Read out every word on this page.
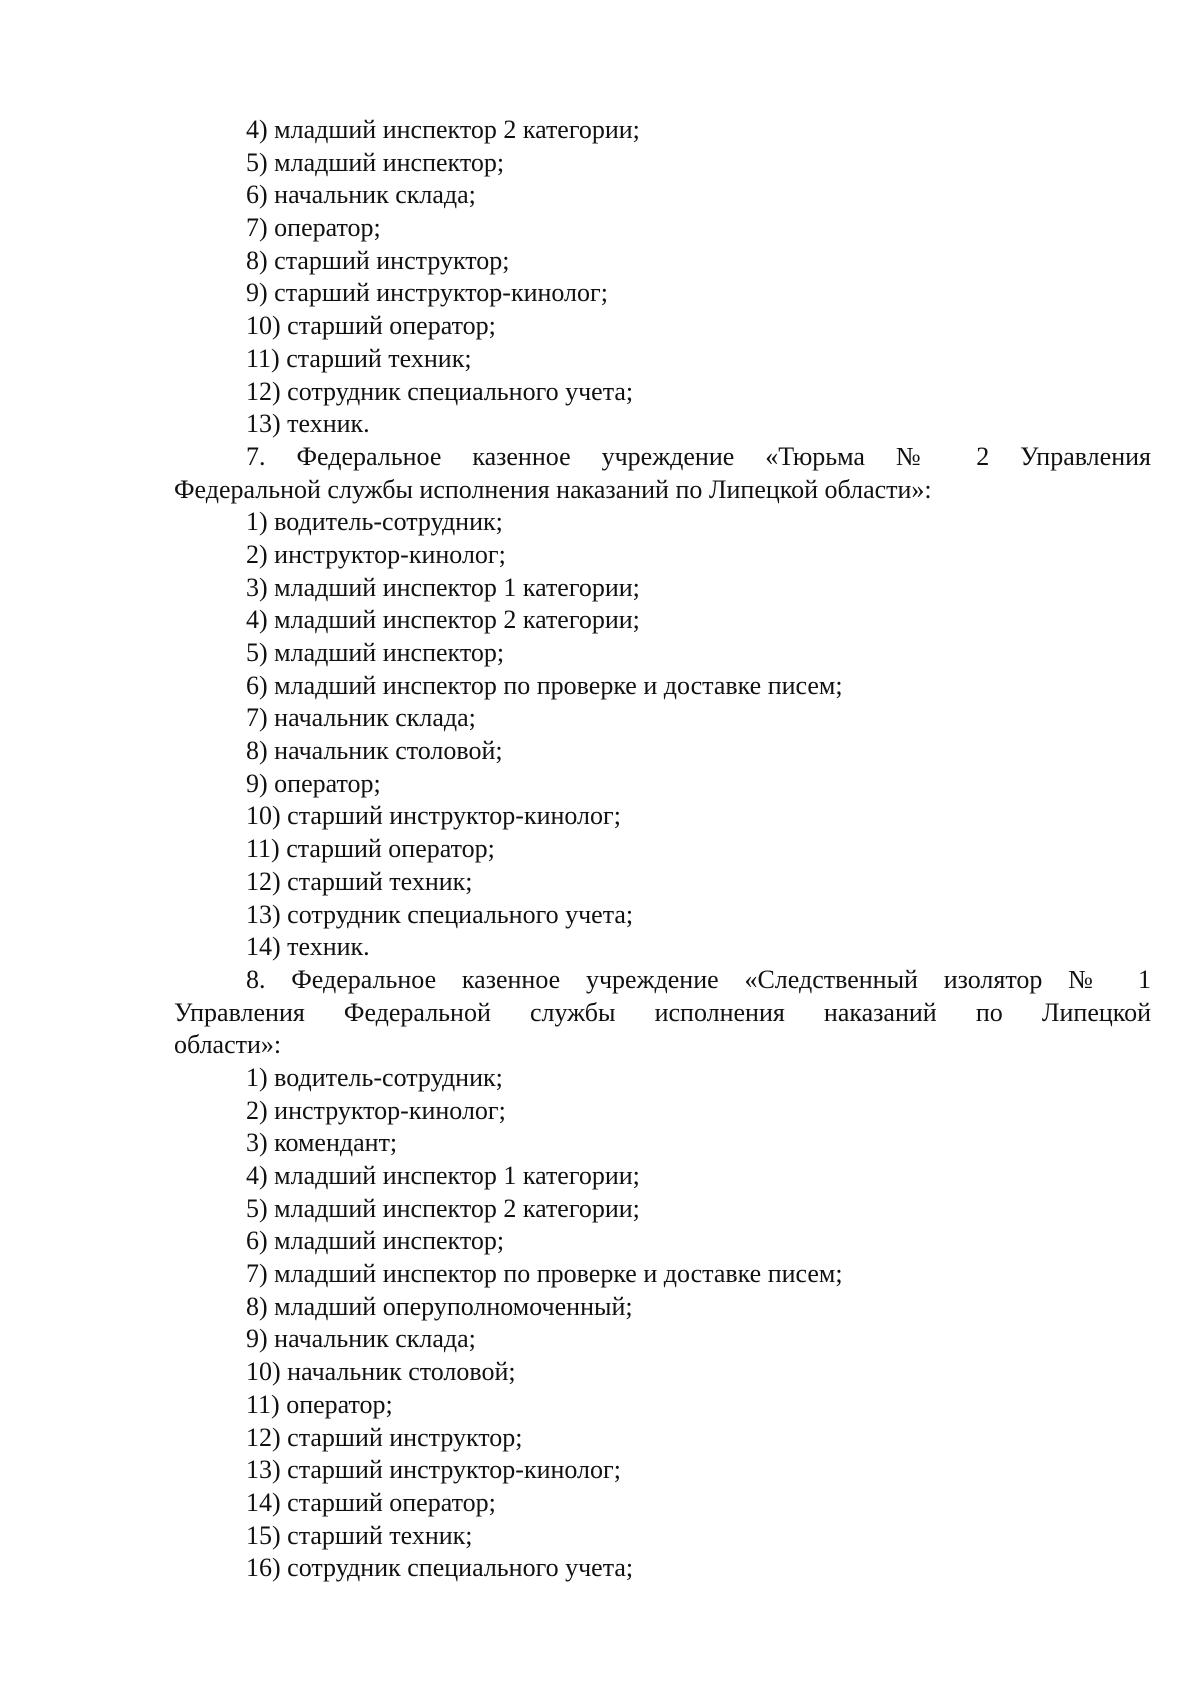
4) младший инспектор 2 категории;
5) младший инспектор;
6) начальник склада;
7) оператор;
8) старший инструктор;
9) старший инструктор-кинолог;
10) старший оператор;
11) старший техник;
12) сотрудник специального учета;
13) техник.
7. Федеральное казенное учреждение «Тюрьма № 2 Управления
Федеральной службы исполнения наказаний по Липецкой области»:
1) водитель-сотрудник;
2) инструктор-кинолог;
3) младший инспектор 1 категории;
4) младший инспектор 2 категории;
5) младший инспектор;
6) младший инспектор по проверке и доставке писем;
7) начальник склада;
8) начальник столовой;
9) оператор;
10) старший инструктор-кинолог;
11) старший оператор;
12) старший техник;
13) сотрудник специального учета;
14) техник.
8. Федеральное казенное учреждение «Следственный изолятор № 1
Управления Федеральной службы исполнения наказаний по Липецкой
области»:
1) водитель-сотрудник;
2) инструктор-кинолог;
3) комендант;
4) младший инспектор 1 категории;
5) младший инспектор 2 категории;
6) младший инспектор;
7) младший инспектор по проверке и доставке писем;
8) младший оперуполномоченный;
9) начальник склада;
10) начальник столовой;
11) оператор;
12) старший инструктор;
13) старший инструктор-кинолог;
14) старший оператор;
15) старший техник;
16) сотрудник специального учета;
